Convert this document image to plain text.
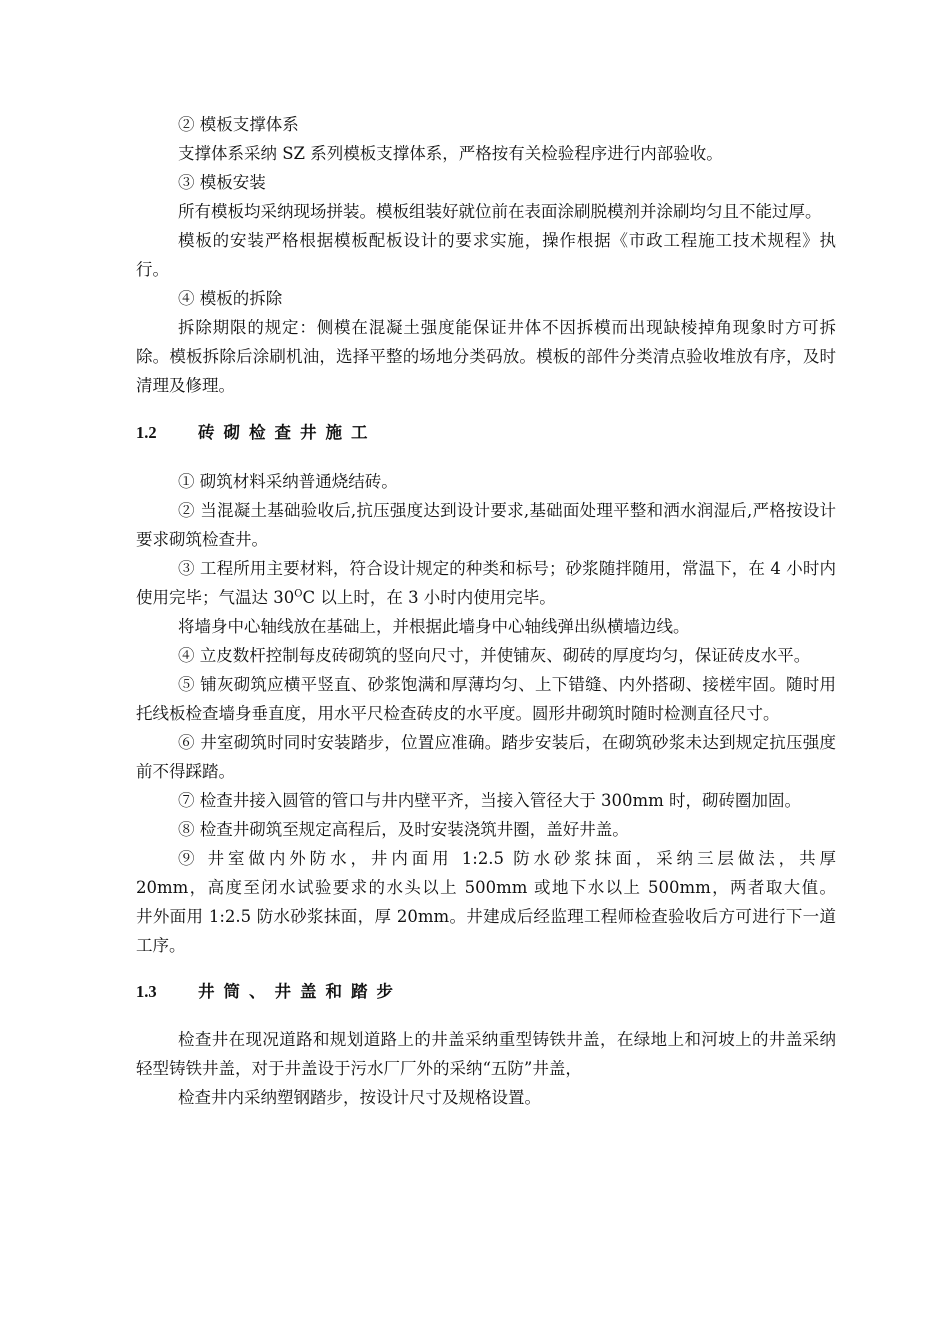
② 模板支撑体系

支撑体系采纳 SZ 系列模板支撑体系，严格按有关检验程序进行内部验收。

③ 模板安装

所有模板均采纳现场拼装。模板组装好就位前在表面涂刷脱模剂并涂刷均匀且不能过厚。

模板的安装严格根据模板配板设计的要求实施，操作根据《市政工程施工技术规程》执行。

④ 模板的拆除

拆除期限的规定：侧模在混凝土强度能保证井体不因拆模而出现缺棱掉角现象时方可拆除。模板拆除后涂刷机油，选择平整的场地分类码放。模板的部件分类清点验收堆放有序，及时清理及修理。

1.2	砖砌检查井施工

① 砌筑材料采纳普通烧结砖。

② 当混凝土基础验收后,抗压强度达到设计要求,基础面处理平整和洒水润湿后,严格按设计要求砌筑检查井。

③ 工程所用主要材料，符合设计规定的种类和标号；砂浆随拌随用，常温下，在 4 小时内使用完毕；气温达 $30^OC$ 以上时，在 3 小时内使用完毕。

将墙身中心轴线放在基础上，并根据此墙身中心轴线弹出纵横墙边线。

④ 立皮数杆控制每皮砖砌筑的竖向尺寸，并使铺灰、砌砖的厚度均匀，保证砖皮水平。

⑤ 铺灰砌筑应横平竖直、砂浆饱满和厚薄均匀、上下错缝、内外搭砌、接槎牢固。随时用托线板检查墙身垂直度，用水平尺检查砖皮的水平度。圆形井砌筑时随时检测直径尺寸。

⑥ 井室砌筑时同时安装踏步，位置应准确。踏步安装后，在砌筑砂浆未达到规定抗压强度前不得踩踏。

⑦ 检查井接入圆管的管口与井内壁平齐，当接入管径大于 300mm 时，砌砖圈加固。

⑧ 检查井砌筑至规定高程后，及时安装浇筑井圈，盖好井盖。

⑨ 井室做内外防水，井内面用 1:2.5 防水砂浆抹面，采纳三层做法，共厚

20mm，高度至闭水试验要求的水头以上 500mm 或地下水以上 500mm，两者取大值。

井外面用 1:2.5 防水砂浆抹面，厚 20mm。井建成后经监理工程师检查验收后方可进行下一道工序。

1.3	井筒、井盖和踏步

检查井在现况道路和规划道路上的井盖采纳重型铸铁井盖，在绿地上和河坡上的井盖采纳轻型铸铁井盖，对于井盖设于污水厂厂外的采纳“五防”井盖，

检查井内采纳塑钢踏步，按设计尺寸及规格设置。
